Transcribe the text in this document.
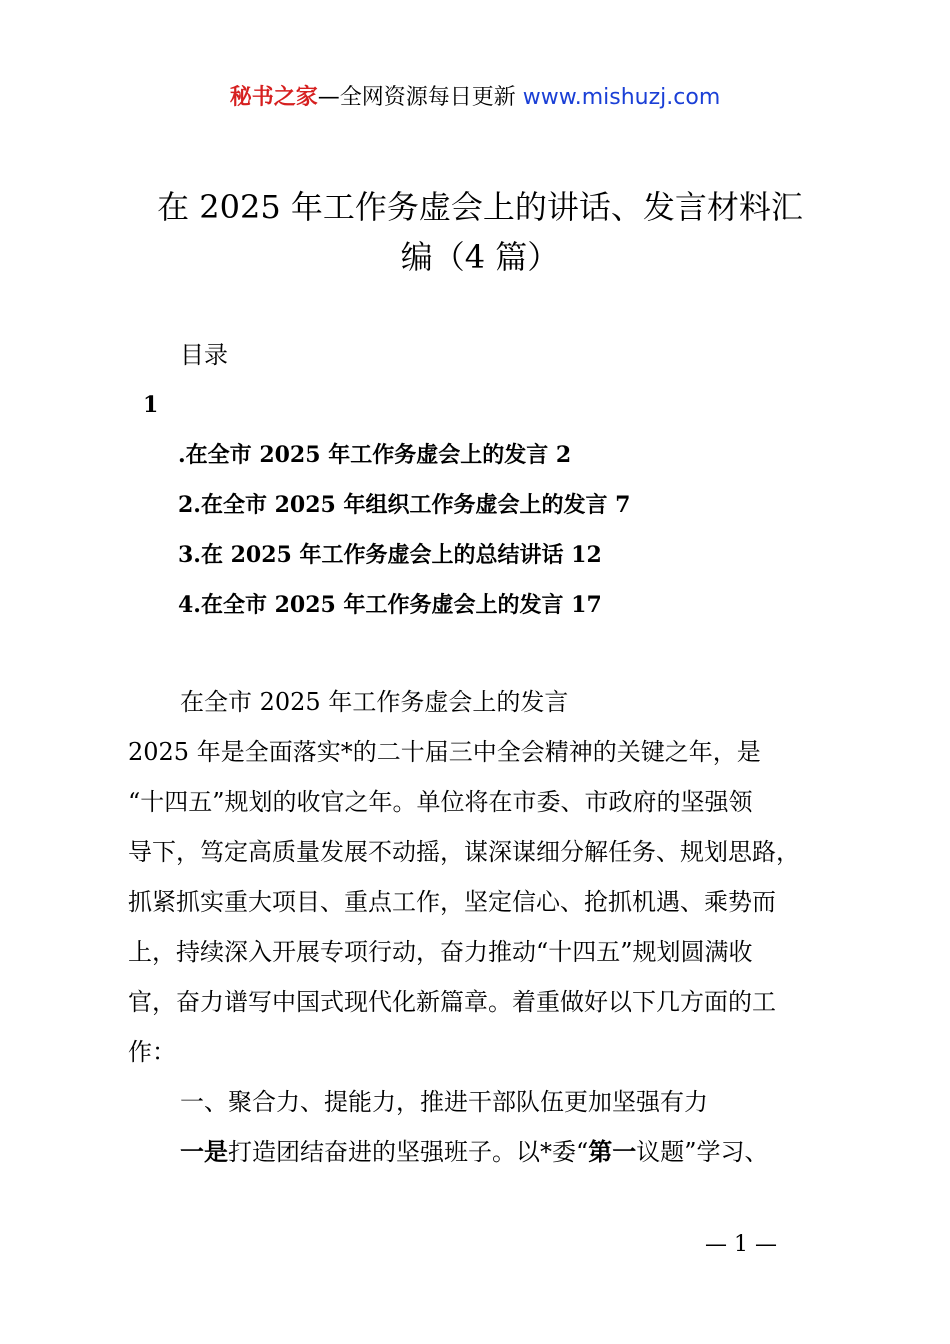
秘书之家—全网资源每日更新 www.mishuzj.com
在 2025 年工作务虚会上的讲话、发言材料汇
编（4 篇）
目录
1
.在全市 2025 年工作务虚会上的发言 2
2.在全市 2025 年组织工作务虚会上的发言 7
3.在 2025 年工作务虚会上的总结讲话 12
4.在全市 2025 年工作务虚会上的发言 17
在全市 2025 年工作务虚会上的发言
2025 年是全面落实*的二十届三中全会精神的关键之年，是
“十四五”规划的收官之年。单位将在市委、市政府的坚强领
导下，笃定高质量发展不动摇，谋深谋细分解任务、规划思路，
抓紧抓实重大项目、重点工作，坚定信心、抢抓机遇、乘势而
上，持续深入开展专项行动，奋力推动“十四五”规划圆满收
官，奋力谱写中国式现代化新篇章。着重做好以下几方面的工
作：
一、聚合力、提能力，推进干部队伍更加坚强有力
一是打造团结奋进的坚强班子。以*委“第一议题”学习、
— 1 —
